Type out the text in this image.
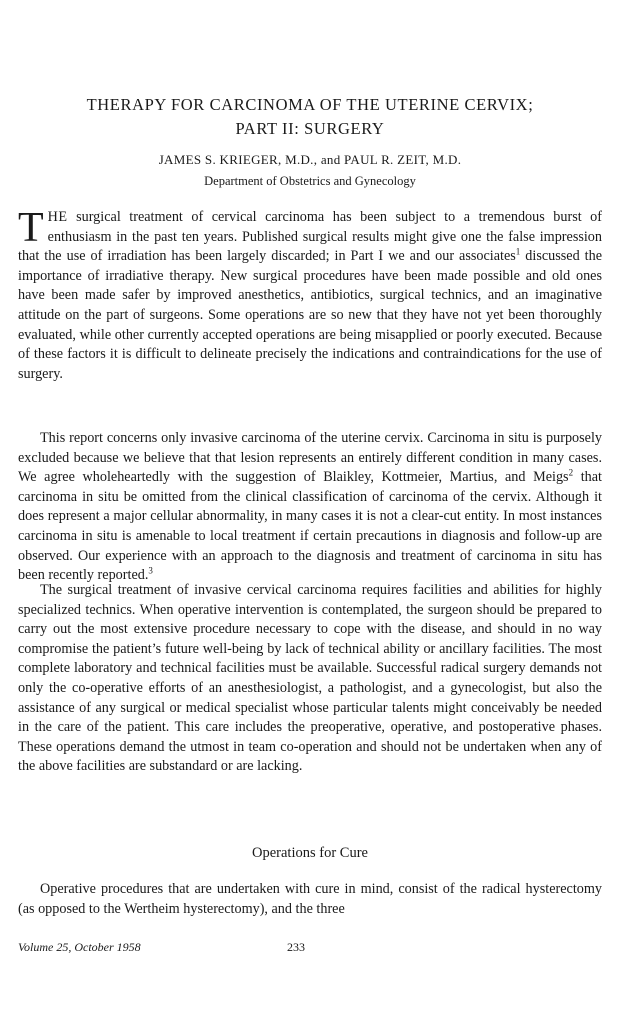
THERAPY FOR CARCINOMA OF THE UTERINE CERVIX;
PART II: SURGERY
JAMES S. KRIEGER, M.D., and PAUL R. ZEIT, M.D.
Department of Obstetrics and Gynecology

THE surgical treatment of cervical carcinoma has been subject to a tremendous burst of enthusiasm in the past ten years. Published surgical results might give one the false impression that the use of irradiation has been largely discarded; in Part I we and our associates$^1$ discussed the importance of irradiative therapy. New surgical procedures have been made possible and old ones have been made safer by improved anesthetics, antibiotics, surgical technics, and an imaginative attitude on the part of surgeons. Some operations are so new that they have not yet been thoroughly evaluated, while other currently accepted operations are being misapplied or poorly executed. Because of these factors it is difficult to delineate precisely the indications and contraindications for the use of surgery.

This report concerns only invasive carcinoma of the uterine cervix. Carcinoma in situ is purposely excluded because we believe that that lesion represents an entirely different condition in many cases. We agree wholeheartedly with the suggestion of Blaikley, Kottmeier, Martius, and Meigs$^2$ that carcinoma in situ be omitted from the clinical classification of carcinoma of the cervix. Although it does represent a major cellular abnormality, in many cases it is not a clear-cut entity. In most instances carcinoma in situ is amenable to local treatment if certain precautions in diagnosis and follow-up are observed. Our experience with an approach to the diagnosis and treatment of carcinoma in situ has been recently reported.$^3$

The surgical treatment of invasive cervical carcinoma requires facilities and abilities for highly specialized technics. When operative intervention is contemplated, the surgeon should be prepared to carry out the most extensive procedure necessary to cope with the disease, and should in no way compromise the patient’s future well-being by lack of technical ability or ancillary facilities. The most complete laboratory and technical facilities must be available. Successful radical surgery demands not only the co-operative efforts of an anesthesiologist, a pathologist, and a gynecologist, but also the assistance of any surgical or medical specialist whose particular talents might conceivably be needed in the care of the patient. This care includes the preoperative, operative, and postoperative phases. These operations demand the utmost in team co-operation and should not be undertaken when any of the above facilities are substandard or are lacking.

Operations for Cure

Operative procedures that are undertaken with cure in mind, consist of the radical hysterectomy (as opposed to the Wertheim hysterectomy), and the three

Volume 25, October 1958	233
